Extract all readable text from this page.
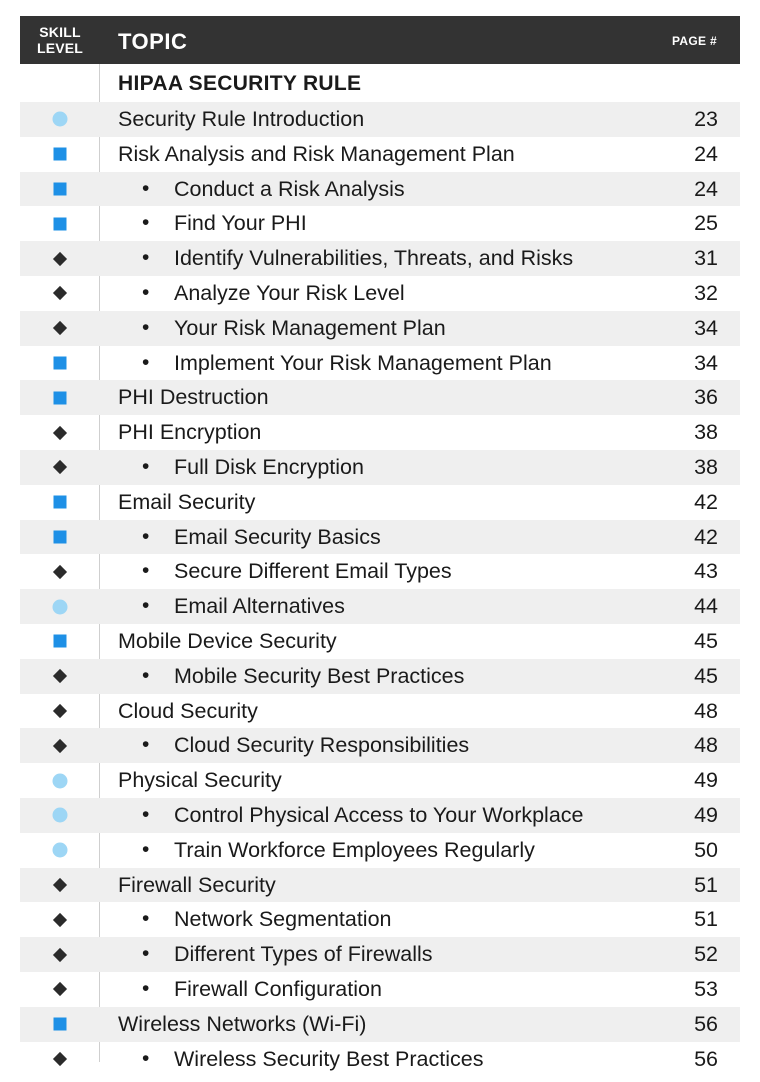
SKILL
LEVEL	TOPIC	PAGE #
HIPAA SECURITY RULE
Security Rule Introduction	23
Risk Analysis and Risk Management Plan	24
• Conduct a Risk Analysis	24
• Find Your PHI	25
• Identify Vulnerabilities, Threats, and Risks	31
• Analyze Your Risk Level	32
• Your Risk Management Plan	34
• Implement Your Risk Management Plan	34
PHI Destruction	36
PHI Encryption	38
• Full Disk Encryption	38
Email Security	42
• Email Security Basics	42
• Secure Different Email Types	43
• Email Alternatives	44
Mobile Device Security	45
• Mobile Security Best Practices	45
Cloud Security	48
• Cloud Security Responsibilities	48
Physical Security	49
• Control Physical Access to Your Workplace	49
• Train Workforce Employees Regularly	50
Firewall Security	51
• Network Segmentation	51
• Different Types of Firewalls	52
• Firewall Configuration	53
Wireless Networks (Wi-Fi)	56
• Wireless Security Best Practices	56
